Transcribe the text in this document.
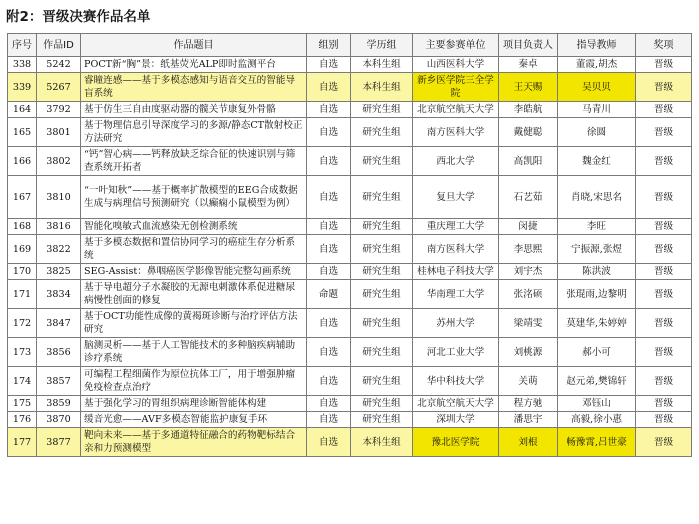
附2：晋级决赛作品名单
序号	作品ID	作品题目	组别	学历组	主要参赛单位	项目负责人	指导教师	奖项
338	5242	POCT新“胸”景：纸基荧光ALP即时监测平台	自选	本科生组	山西医科大学	秦卓	董霞,胡杰	晋级
339	5267	睿瞳连感——基于多模态感知与语音交互的智能导盲系统	自选	本科生组	新乡医学院三全学院	王天赐	吴贝贝	晋级
164	3792	基于仿生三自由度驱动器的髋关节康复外骨骼	自选	研究生组	北京航空航天大学	李皓航	马青川	晋级
165	3801	基于物理信息引导深度学习的多源/静态CT散射校正方法研究	自选	研究生组	南方医科大学	戴健聪	徐圆	晋级
166	3802	“钙”智心病——钙释放缺乏综合征的快速识别与筛查系统开拓者	自选	研究生组	西北大学	高凯阳	魏金红	晋级
167	3810	“一叶知秋”——基于概率扩散模型的EEG合成数据生成与病理信号预测研究（以癫痫小鼠模型为例）	自选	研究生组	复旦大学	石艺茹	肖晓,宋思名	晋级
168	3816	智能化嗅敏式血流感染无创检测系统	自选	研究生组	重庆理工大学	闵捷	李旺	晋级
169	3822	基于多模态数据和置信协同学习的癌症生存分析系统	自选	研究生组	南方医科大学	李思熙	宁振源,张煜	晋级
170	3825	SEG-Assist：鼻咽癌医学影像智能完整勾画系统	自选	研究生组	桂林电子科技大学	刘宇杰	陈洪波	晋级
171	3834	基于导电超分子水凝胶的无源电刺激体系促进糖尿病慢性创面的修复	命题	研究生组	华南理工大学	张洺硕	张琨雨,边黎明	晋级
172	3847	基于OCT功能性成像的黄褐斑诊断与治疗评估方法研究	自选	研究生组	苏州大学	梁靖雯	莫建华,朱婷婷	晋级
173	3856	脑测灵析——基于人工智能技术的多种脑疾病辅助诊疗系统	自选	研究生组	河北工业大学	刘桃源	郝小可	晋级
174	3857	可编程工程细菌作为原位抗体工厂，用于增强肿瘤免疫检查点治疗	自选	研究生组	华中科技大学	关萌	赵元弟,樊锦轩	晋级
175	3859	基于强化学习的胃组织病理诊断智能体构建	自选	研究生组	北京航空航天大学	程方驰	邓钰山	晋级
176	3870	缓音光愈——AVF多模态智能监护康复手环	自选	研究生组	深圳大学	潘思宇	高毅,徐小惠	晋级
177	3877	靶向未来——基于多通道特征融合的药物靶标结合亲和力预测模型	自选	本科生组	豫北医学院	刘根	畅豫霄,吕世豪	晋级
